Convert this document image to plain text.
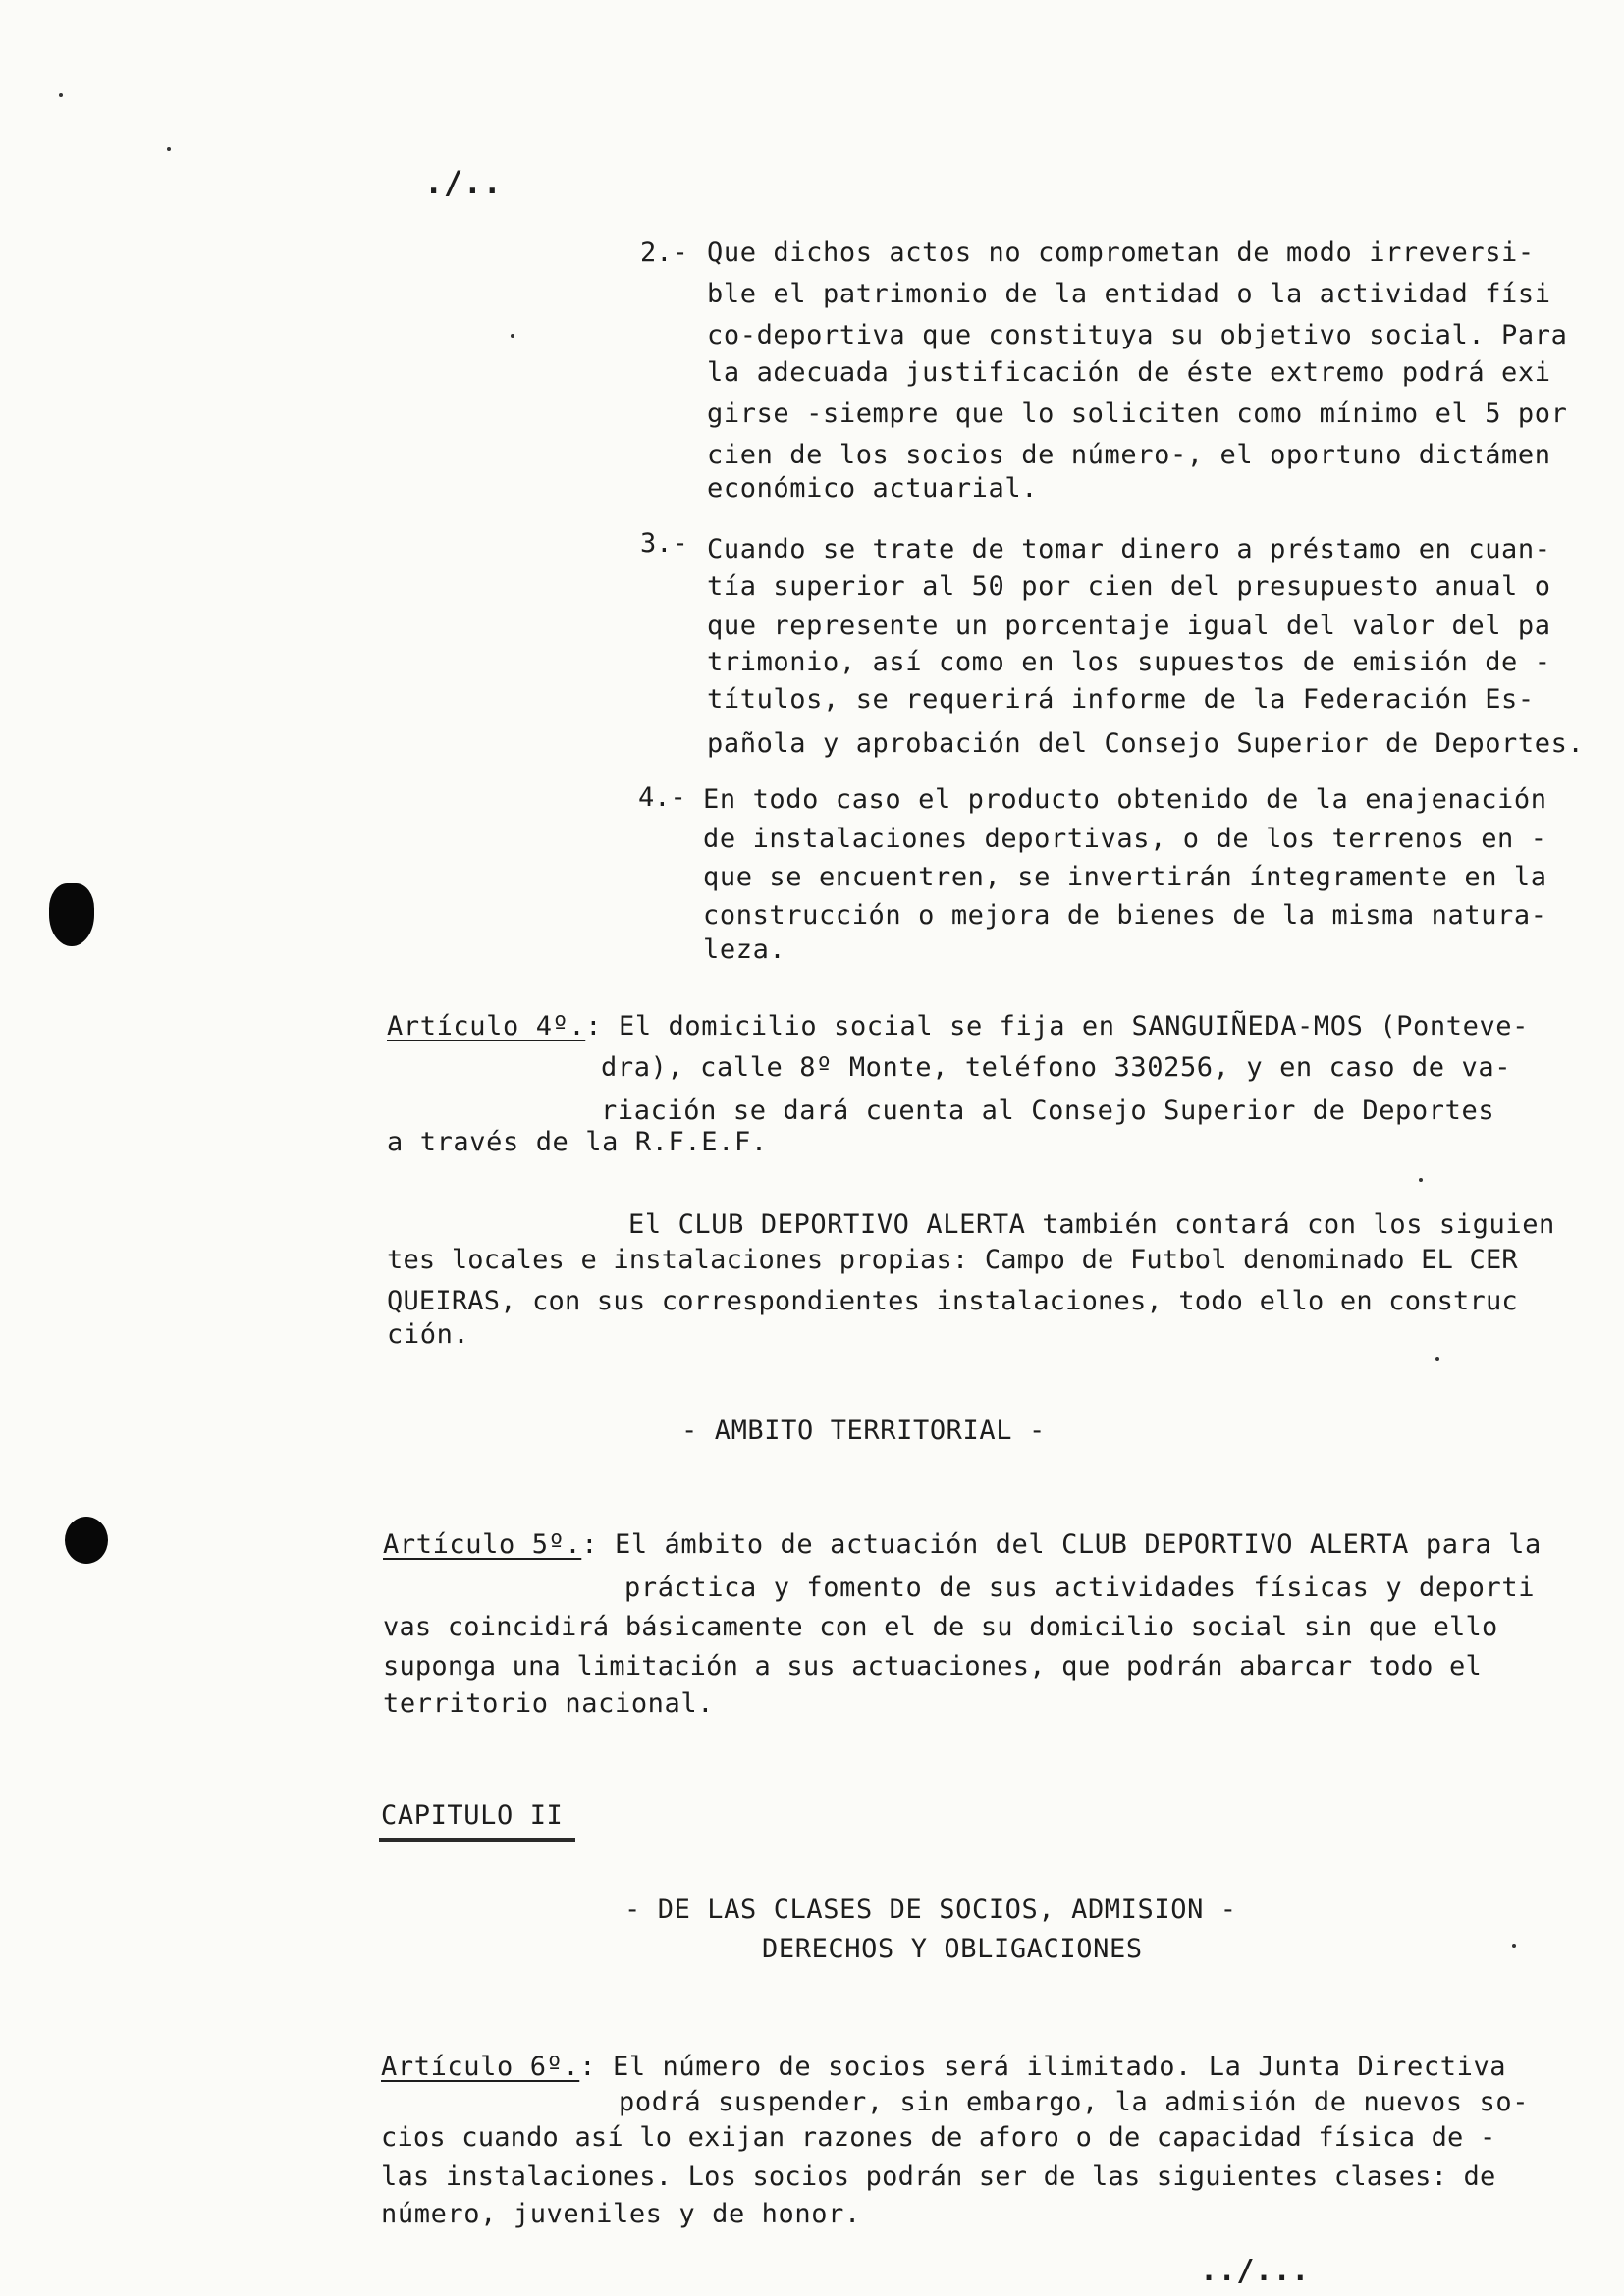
./..
2.- Que dichos actos no comprometan de modo irreversi-
ble el patrimonio de la entidad o la actividad físi
co-deportiva que constituya su objetivo social. Para
la adecuada justificación de éste extremo podrá exi
girse -siempre que lo soliciten como mínimo el 5 por
cien de los socios de número-, el oportuno dictámen
económico actuarial.
3.- Cuando se trate de tomar dinero a préstamo en cuan-
tía superior al 50 por cien del presupuesto anual o
que represente un porcentaje igual del valor del pa
trimonio, así como en los supuestos de emisión de -
títulos, se requerirá informe de la Federación Es-
pañola y aprobación del Consejo Superior de Deportes.
4.- En todo caso el producto obtenido de la enajenación
de instalaciones deportivas, o de los terrenos en -
que se encuentren, se invertirán íntegramente en la
construcción o mejora de bienes de la misma natura-
leza.
Artículo 4º.: El domicilio social se fija en SANGUIÑEDA-MOS (Ponteve-
dra), calle 8º Monte, teléfono 330256, y en caso de va-
riación se dará cuenta al Consejo Superior de Deportes
a través de la R.F.E.F.
El CLUB DEPORTIVO ALERTA también contará con los siguien
tes locales e instalaciones propias: Campo de Futbol denominado EL CER
QUEIRAS, con sus correspondientes instalaciones, todo ello en construc
ción.
- AMBITO TERRITORIAL -
Artículo 5º.: El ámbito de actuación del CLUB DEPORTIVO ALERTA para la
práctica y fomento de sus actividades físicas y deporti
vas coincidirá básicamente con el de su domicilio social sin que ello
suponga una limitación a sus actuaciones, que podrán abarcar todo el
territorio nacional.
CAPITULO II
- DE LAS CLASES DE SOCIOS, ADMISION -
DERECHOS Y OBLIGACIONES
Artículo 6º.: El número de socios será ilimitado. La Junta Directiva
podrá suspender, sin embargo, la admisión de nuevos so-
cios cuando así lo exijan razones de aforo o de capacidad física de -
las instalaciones. Los socios podrán ser de las siguientes clases: de
número, juveniles y de honor.
../...
